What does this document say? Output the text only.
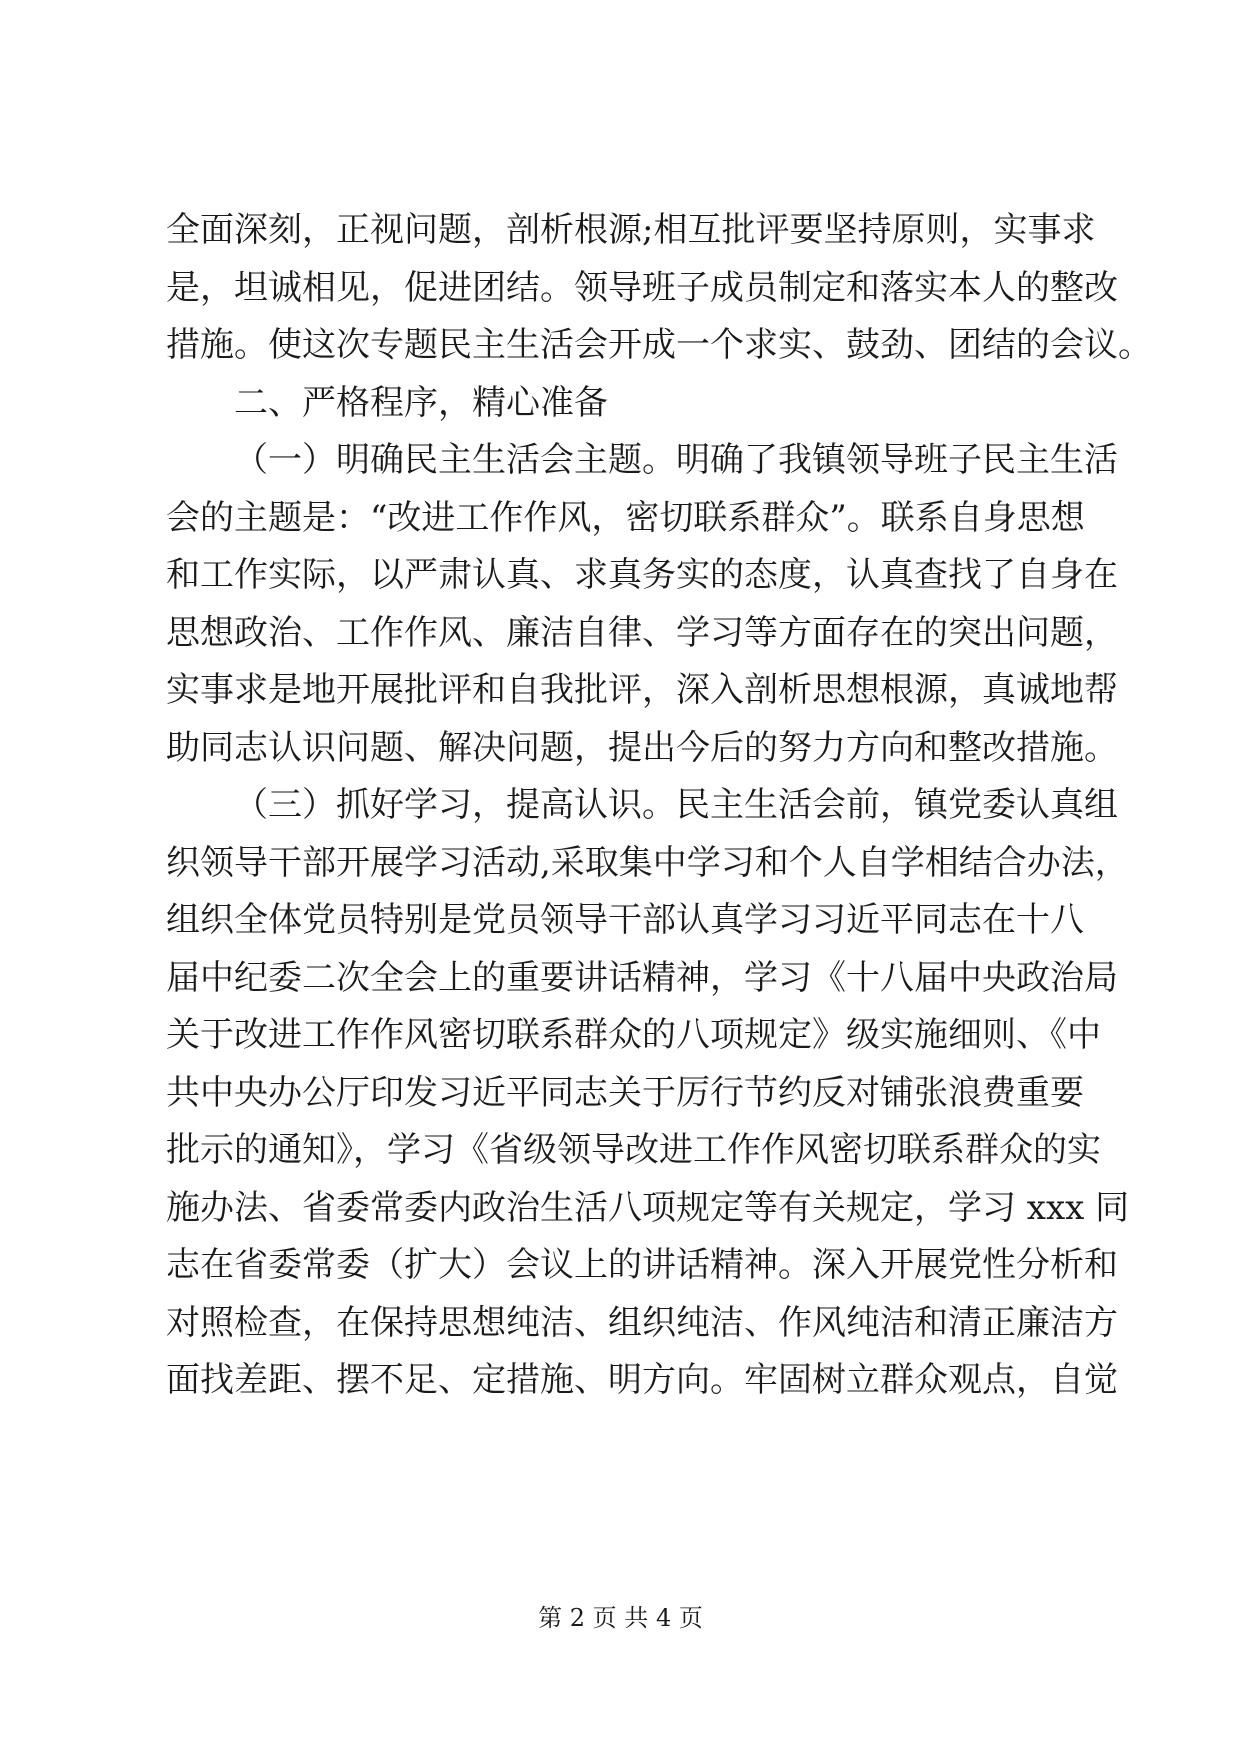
全面深刻，正视问题，剖析根源;相互批评要坚持原则，实事求
是，坦诚相见，促进团结。领导班子成员制定和落实本人的整改
措施。使这次专题民主生活会开成一个求实、鼓劲、团结的会议。
二、严格程序，精心准备
（一）明确民主生活会主题。明确了我镇领导班子民主生活
会的主题是：“改进工作作风，密切联系群众”。联系自身思想
和工作实际，以严肃认真、求真务实的态度，认真查找了自身在
思想政治、工作作风、廉洁自律、学习等方面存在的突出问题，
实事求是地开展批评和自我批评，深入剖析思想根源，真诚地帮
助同志认识问题、解决问题，提出今后的努力方向和整改措施。
（三）抓好学习，提高认识。民主生活会前，镇党委认真组
织领导干部开展学习活动,采取集中学习和个人自学相结合办法，
组织全体党员特别是党员领导干部认真学习习近平同志在十八
届中纪委二次全会上的重要讲话精神，学习《十八届中央政治局
关于改进工作作风密切联系群众的八项规定》级实施细则、《中
共中央办公厅印发习近平同志关于厉行节约反对铺张浪费重要
批示的通知》，学习《省级领导改进工作作风密切联系群众的实
施办法、省委常委内政治生活八项规定等有关规定，学习 xxx 同
志在省委常委（扩大）会议上的讲话精神。深入开展党性分析和
对照检查，在保持思想纯洁、组织纯洁、作风纯洁和清正廉洁方
面找差距、摆不足、定措施、明方向。牢固树立群众观点，自觉
第 2 页 共 4 页
